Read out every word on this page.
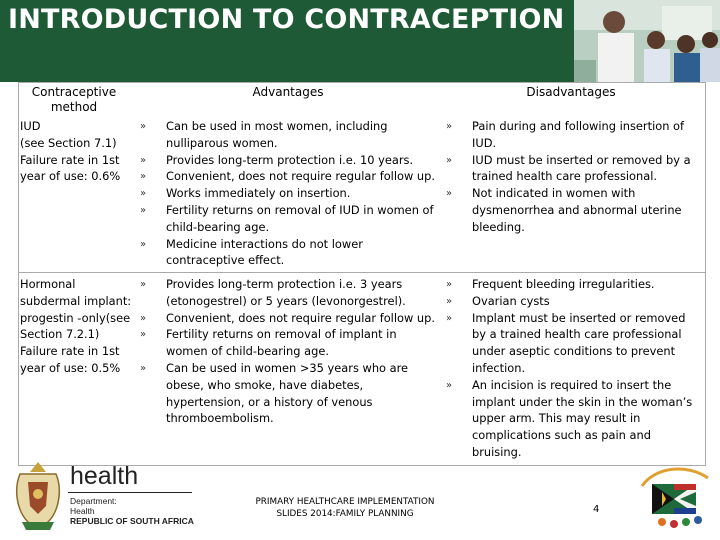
INTRODUCTION TO CONTRACEPTION
Contraceptive method
Advantages	Disadvantages
IUD
(see Section 7.1)
Failure rate in 1st year of use: 0.6%
» Can be used in most women, including nulliparous women.
» Provides long-term protection i.e. 10 years.
» Convenient, does not require regular follow up.
» Works immediately on insertion.
» Fertility returns on removal of IUD in women of child-bearing age.
» Medicine interactions do not lower contraceptive effect.
» Pain during and following insertion of IUD.
» IUD must be inserted or removed by a trained health care professional.
» Not indicated in women with dysmenorrhea and abnormal uterine bleeding.
Hormonal subdermal implant: progestin -only(see Section 7.2.1)
Failure rate in 1st year of use: 0.5%
» Provides long-term protection i.e. 3 years (etonogestrel) or 5 years (levonorgestrel).
» Convenient, does not require regular follow up.
» Fertility returns on removal of implant in women of child-bearing age.
» Can be used in women >35 years who are obese, who smoke, have diabetes, hypertension, or a history of venous thromboembolism.
» Frequent bleeding irregularities.
» Ovarian cysts
» Implant must be inserted or removed by a trained health care professional under aseptic conditions to prevent infection.
» An incision is required to insert the implant under the skin in the woman’s upper arm. This may result in complications such as pain and bruising.
health
Department:
Health
REPUBLIC OF SOUTH AFRICA
PRIMARY HEALTHCARE IMPLEMENTATION
SLIDES 2014:FAMILY PLANNING	4
